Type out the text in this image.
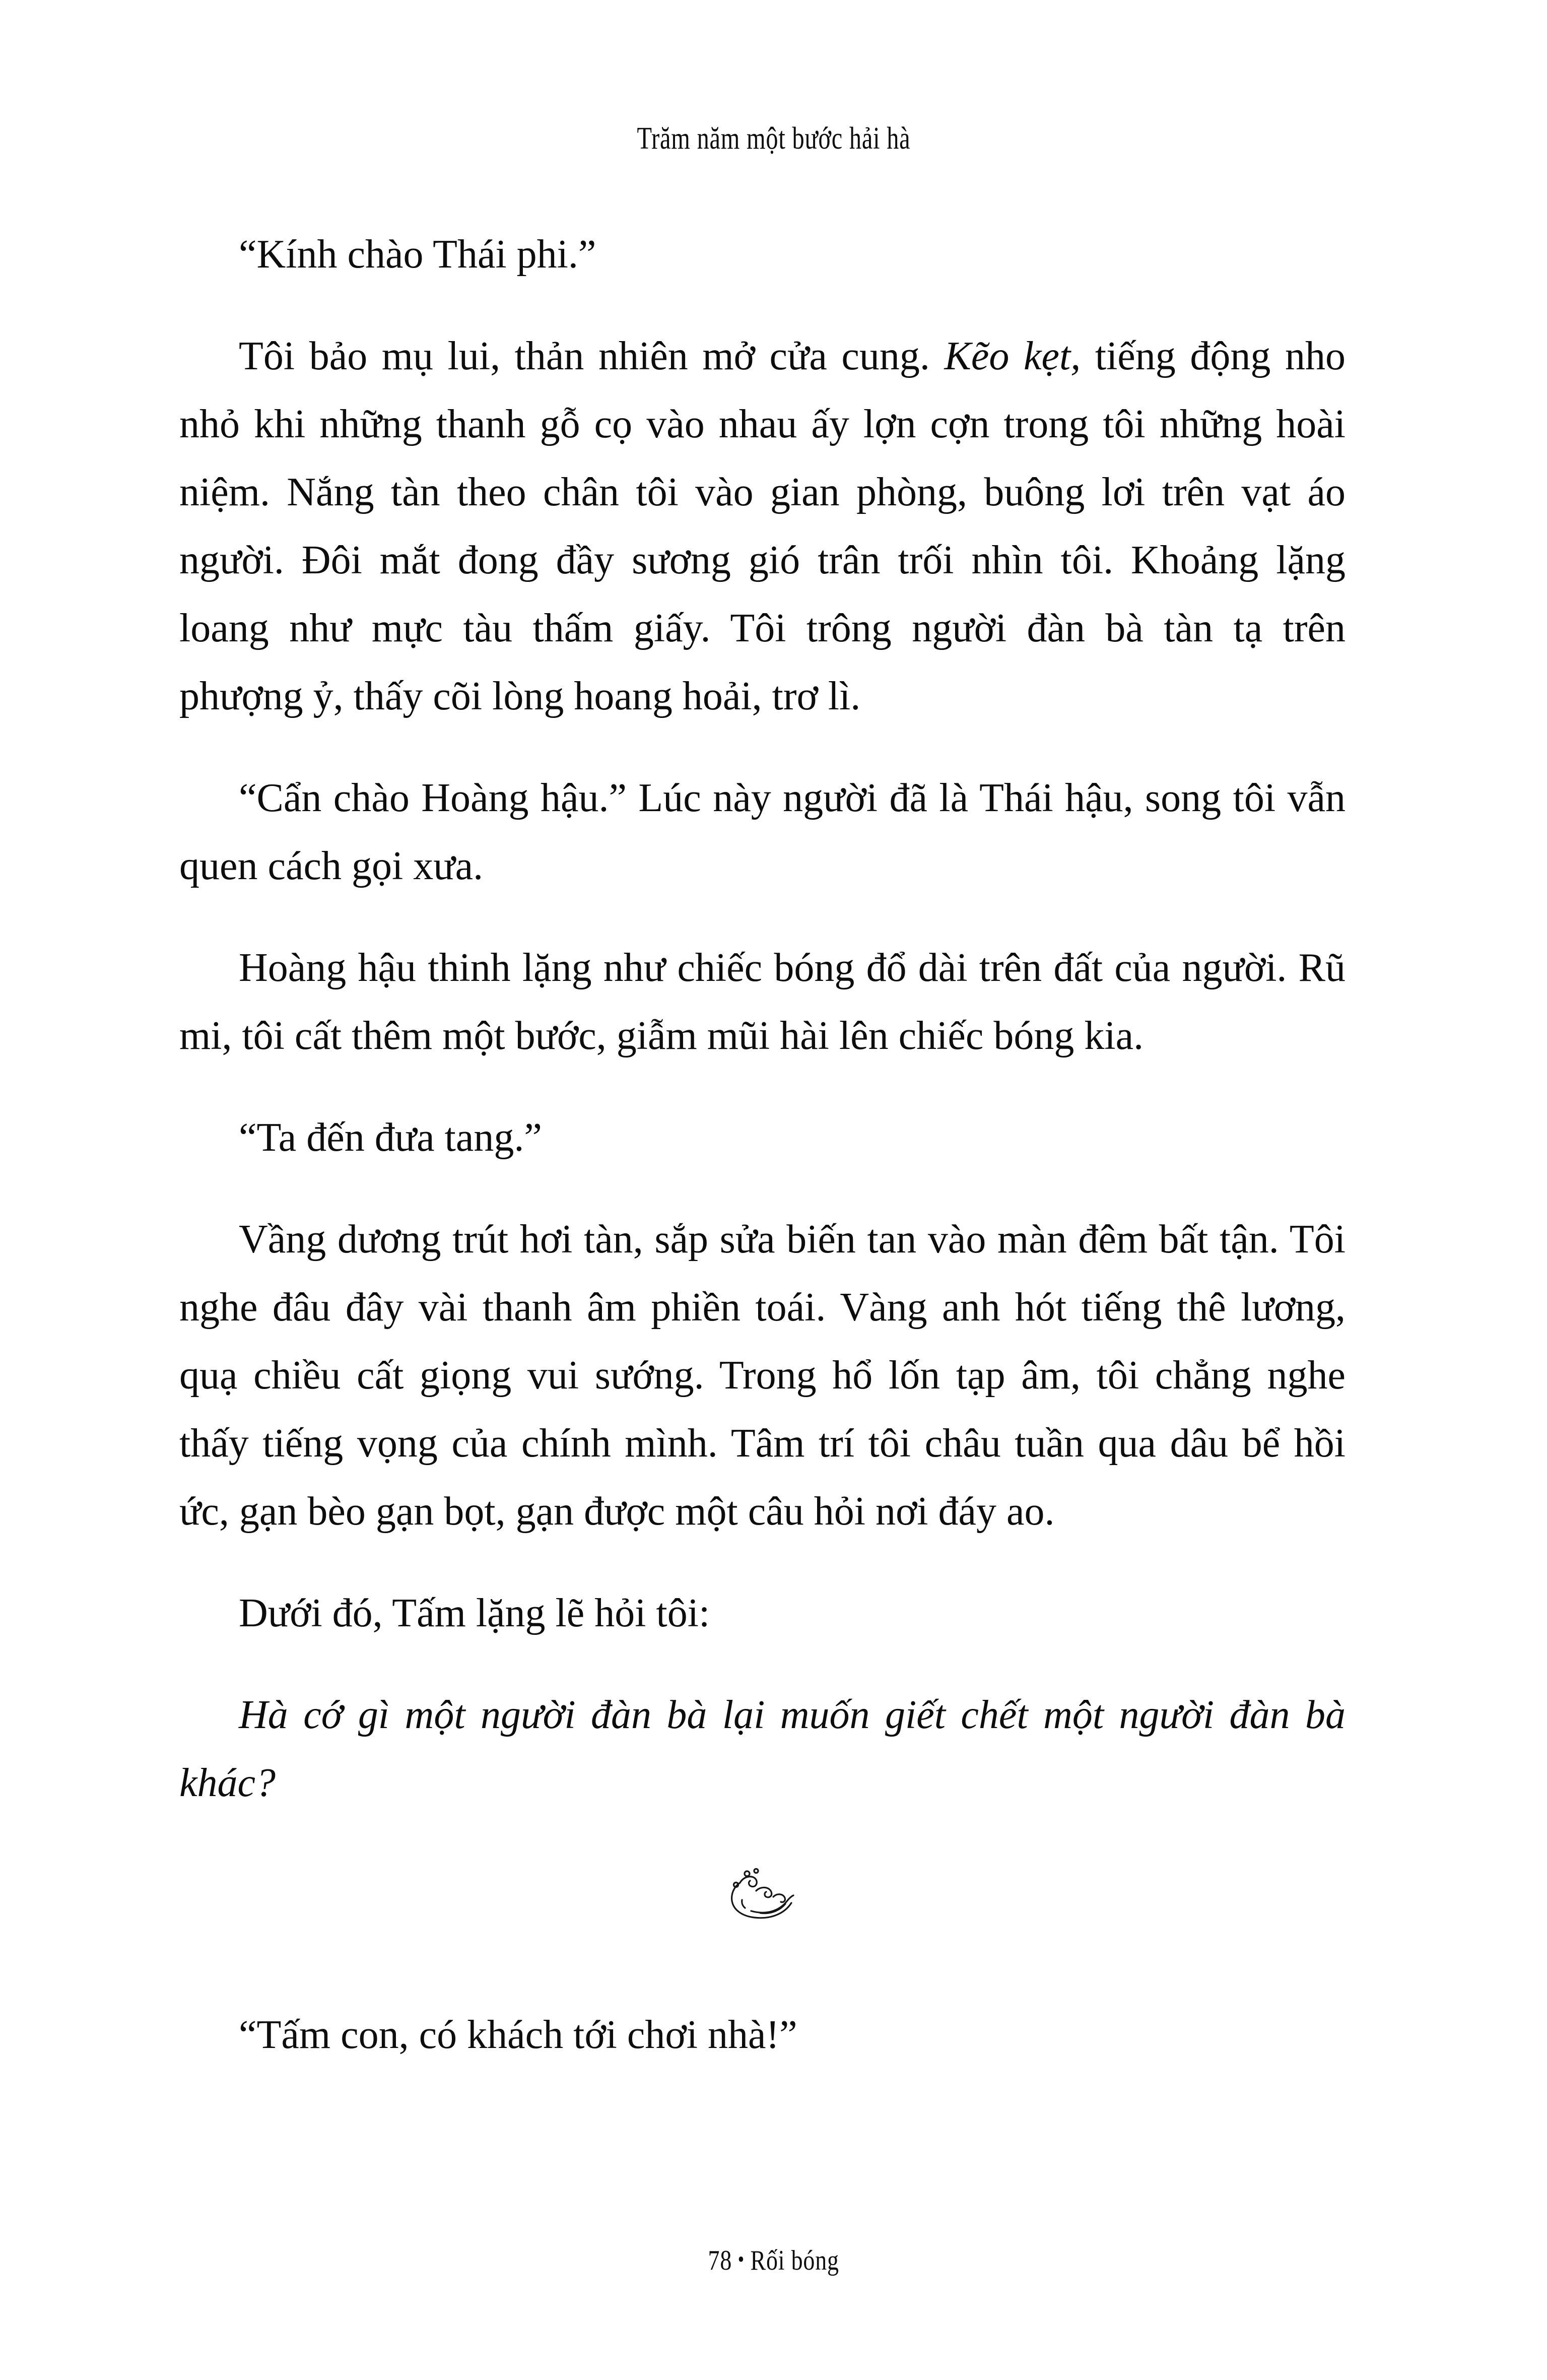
Trăm năm một bước hải hà

“Kính chào Thái phi.”

Tôi bảo mụ lui, thản nhiên mở cửa cung. Kẽo kẹt, tiếng động nho nhỏ khi những thanh gỗ cọ vào nhau ấy lợn cợn trong tôi những hoài niệm. Nắng tàn theo chân tôi vào gian phòng, buông lơi trên vạt áo người. Đôi mắt đong đầy sương gió trân trối nhìn tôi. Khoảng lặng loang như mực tàu thấm giấy. Tôi trông người đàn bà tàn tạ trên phượng ỷ, thấy cõi lòng hoang hoải, trơ lì.

“Cẩn chào Hoàng hậu.” Lúc này người đã là Thái hậu, song tôi vẫn quen cách gọi xưa.

Hoàng hậu thinh lặng như chiếc bóng đổ dài trên đất của người. Rũ mi, tôi cất thêm một bước, giẫm mũi hài lên chiếc bóng kia.

“Ta đến đưa tang.”

Vầng dương trút hơi tàn, sắp sửa biến tan vào màn đêm bất tận. Tôi nghe đâu đây vài thanh âm phiền toái. Vàng anh hót tiếng thê lương, quạ chiều cất giọng vui sướng. Trong hổ lốn tạp âm, tôi chẳng nghe thấy tiếng vọng của chính mình. Tâm trí tôi châu tuần qua dâu bể hồi ức, gạn bèo gạn bọt, gạn được một câu hỏi nơi đáy ao.

Dưới đó, Tấm lặng lẽ hỏi tôi:

Hà cớ gì một người đàn bà lại muốn giết chết một người đàn bà khác?

“Tấm con, có khách tới chơi nhà!”

78 • Rối bóng
